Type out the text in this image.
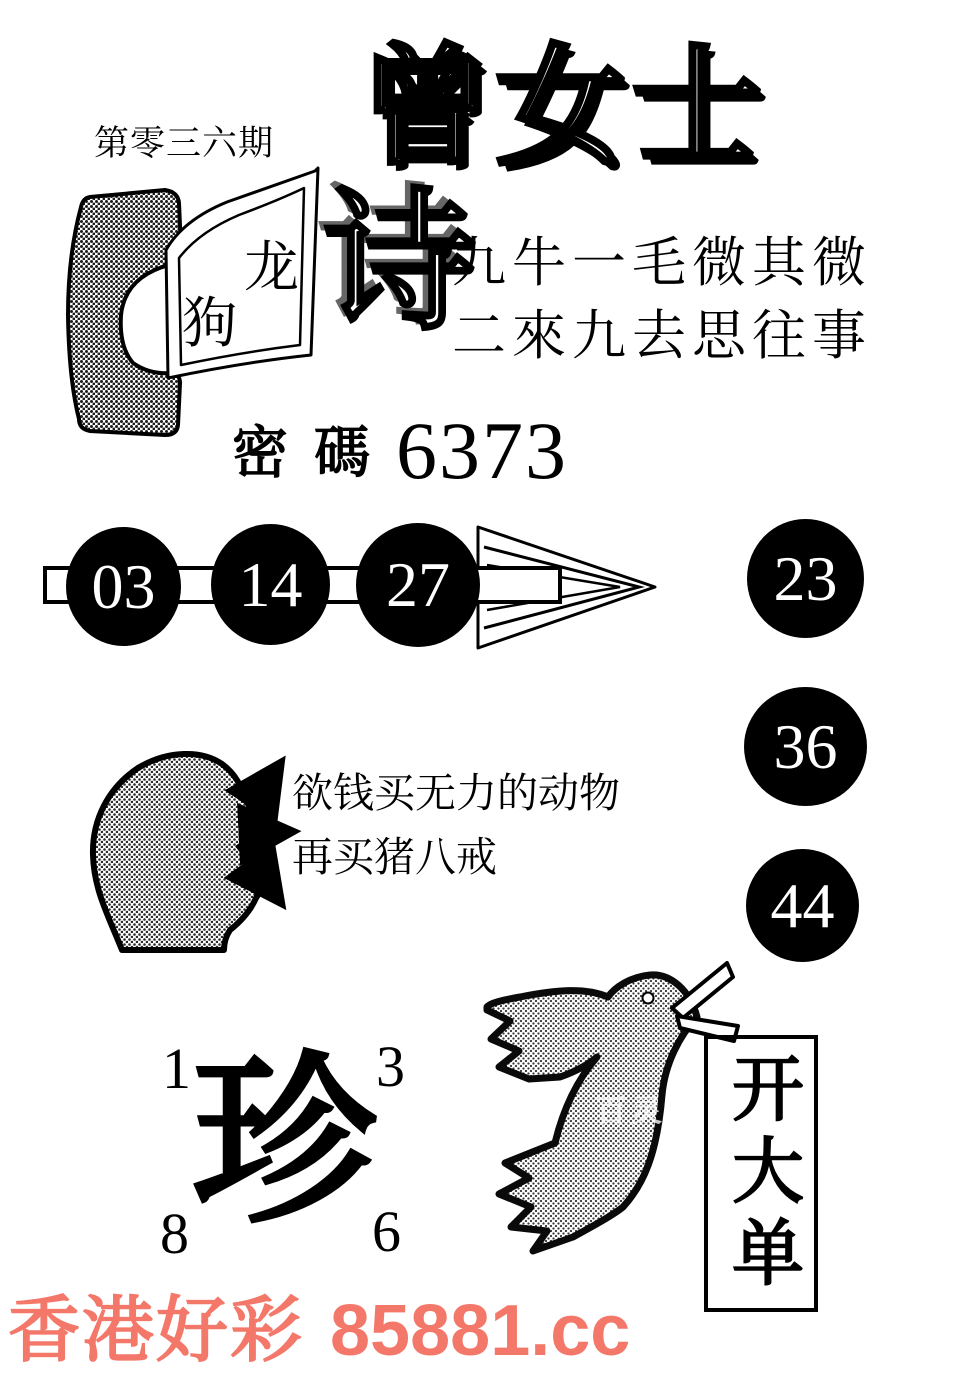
第零三六期 曾女士
龙
狗 诗
九牛一毛微其微
二來九去思往事
密碼 6373
03	14	27	23
36
44
欲钱买无力的动物
再买猪八戒
1	3
8	6
珍	百灵鸟 开大单
香港好彩 85881.cc
